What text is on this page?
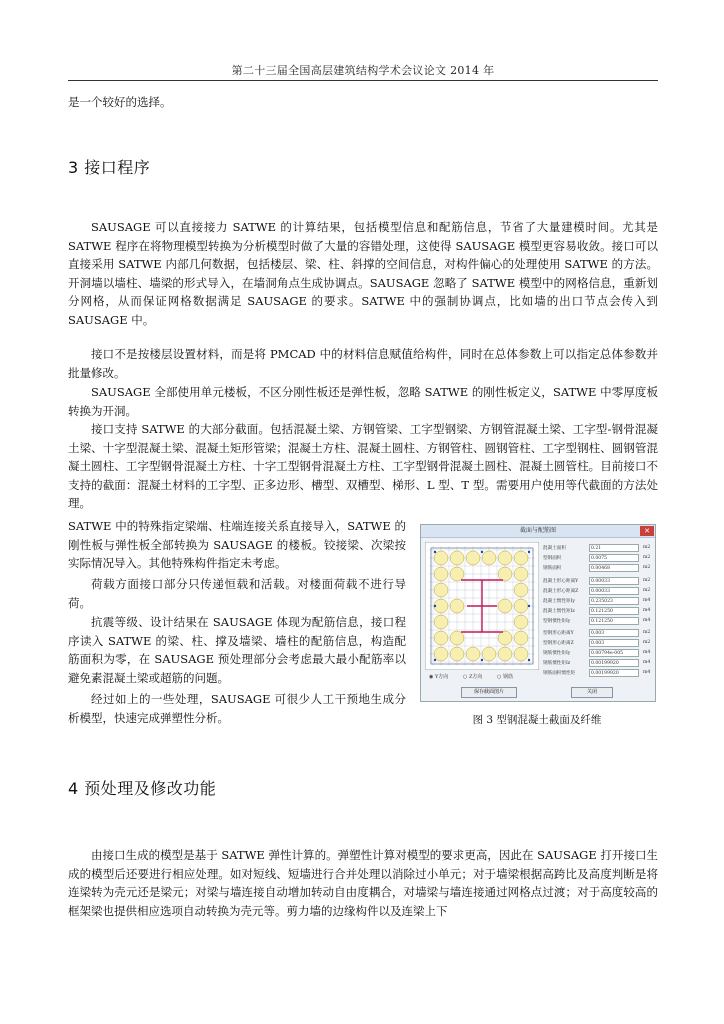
第二十三届全国高层建筑结构学术会议论文 2014 年

是一个较好的选择。

3 接口程序

SAUSAGE 可以直接接力 SATWE 的计算结果，包括模型信息和配筋信息，节省了大量建模时间。尤其是 SATWE 程序在将物理模型转换为分析模型时做了大量的容错处理，这使得 SAUSAGE 模型更容易收敛。接口可以直接采用 SATWE 内部几何数据，包括楼层、梁、柱、斜撑的空间信息，对构件偏心的处理使用 SATWE 的方法。开洞墙以墙柱、墙梁的形式导入，在墙洞角点生成协调点。SAUSAGE 忽略了 SATWE 模型中的网格信息，重新划分网格，从而保证网格数据满足 SAUSAGE 的要求。SATWE 中的强制协调点，比如墙的出口节点会传入到 SAUSAGE 中。

接口不是按楼层设置材料，而是将 PMCAD 中的材料信息赋值给构件，同时在总体参数上可以指定总体参数并批量修改。

SAUSAGE 全部使用单元楼板，不区分刚性板还是弹性板，忽略 SATWE 的刚性板定义，SATWE 中零厚度板转换为开洞。

接口支持 SATWE 的大部分截面。包括混凝土梁、方钢管梁、工字型钢梁、方钢管混凝土梁、工字型-钢骨混凝土梁、十字型混凝土梁、混凝土矩形管梁；混凝土方柱、混凝土圆柱、方钢管柱、圆钢管柱、工字型钢柱、圆钢管混凝土圆柱、工字型钢骨混凝土方柱、十字工型钢骨混凝土方柱、工字型钢骨混凝土圆柱、混凝土圆管柱。目前接口不支持的截面：混凝土材料的工字型、正多边形、槽型、双槽型、梯形、L 型、T 型。需要用户使用等代截面的方法处理。

SATWE 中的特殊指定梁端、柱端连接关系直接导入，SATWE 的刚性板与弹性板全部转换为 SAUSAGE 的楼板。铰接梁、次梁按实际情况导入。其他特殊构件指定未考虑。

荷载方面接口部分只传递恒载和活载。对楼面荷载不进行导荷。

抗震等级、设计结果在 SAUSAGE 体现为配筋信息，接口程序读入 SATWE 的梁、柱、撑及墙梁、墙柱的配筋信息，构造配筋面积为零，在 SAUSAGE 预处理部分会考虑最大最小配筋率以避免素混凝土梁或超筋的问题。

经过如上的一些处理，SAUSAGE 可很少人工干预地生成分析模型，快速完成弹塑性分析。

截面与配筋图	✕
混凝土面积	0.21	m2
型钢面积	0.0075	m2
钢筋面积	0.00468	m2
混凝土形心距离Y	0.00033	m2
混凝土形心距离Z	0.00033	m2
混凝土惯性矩Iy	0.235023	m4
混凝土惯性矩Iz	0.121250	m4
型钢惯性矩Iy	0.121250	m4
型钢形心距离Y	0.003	m2
型钢形心距离Z	0.003	m2
钢筋惯性矩Iy	0.00794e-005	m4
钢筋惯性矩Iz	0.00199920	m4
钢筋面积惯性矩	0.00199920	m4
◉ Y方向	○ Z方向	○ 钢筋
保存截面图片	关闭
图 3 型钢混凝土截面及纤维
4 预处理及修改功能

由接口生成的模型是基于 SATWE 弹性计算的。弹塑性计算对模型的要求更高，因此在 SAUSAGE 打开接口生成的模型后还要进行相应处理。如对短线、短墙进行合并处理以消除过小单元；对于墙梁根据高跨比及高度判断是将连梁转为壳元还是梁元；对梁与墙连接自动增加转动自由度耦合，对墙梁与墙连接通过网格点过渡；对于高度较高的框架梁也提供相应选项自动转换为壳元等。剪力墙的边缘构件以及连梁上下
